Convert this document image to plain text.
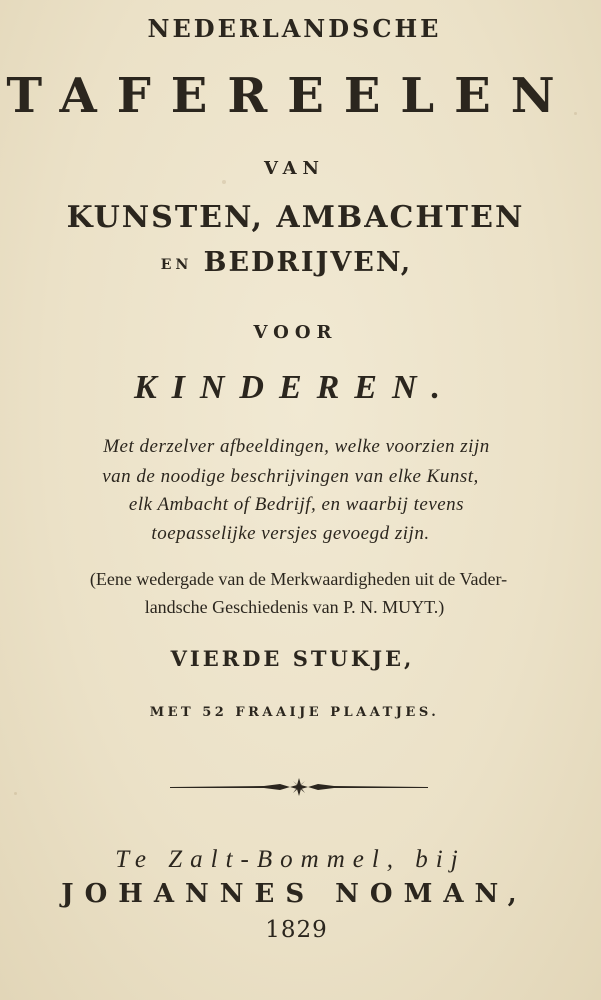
NEDERLANDSCHE
TAFEREELEN
VAN
KUNSTEN, AMBACHTEN
EN BEDRIJVEN,
VOOR
KINDEREN.
Met derzelver afbeeldingen, welke voorzien zijn
van de noodige beschrijvingen van elke Kunst,
elk Ambacht of Bedrijf, en waarbij tevens
toepasselijke versjes gevoegd zijn.
(Eene wedergade van de Merkwaardigheden uit de Vader-
landsche Geschiedenis van P. N. MUYT.)
VIERDE STUKJE,
MET 52 FRAAIJE PLAATJES.
Te Zalt-Bommel, bij
JOHANNES NOMAN,
1829
